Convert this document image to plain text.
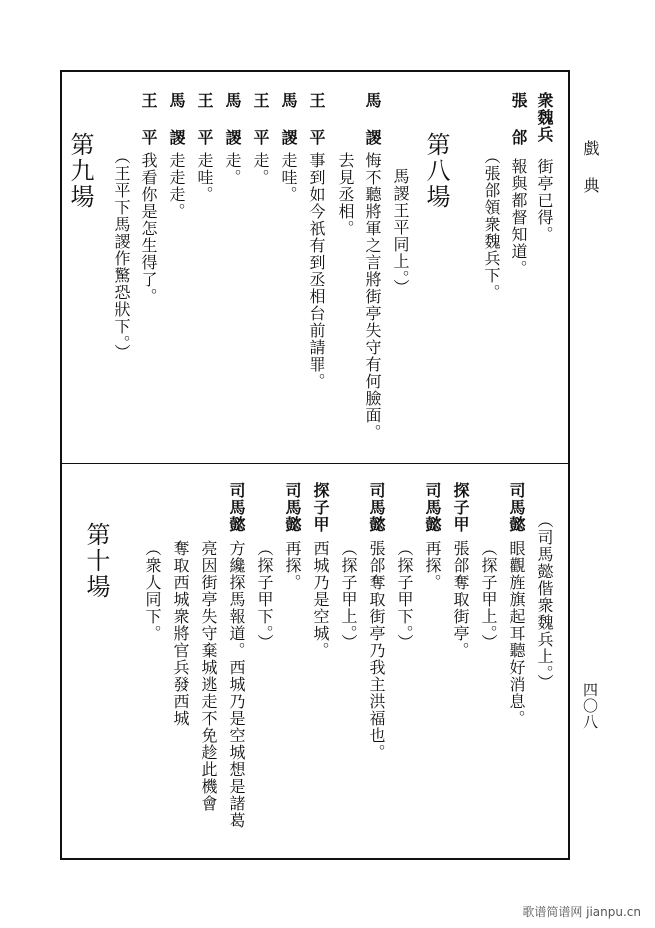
戲 典
四〇八
衆魏兵
街亭已得。
張 郃
報與都督知道。
（張郃領衆魏兵下。
第八場
馬謖王平同上。）
馬 謖
悔不聽將軍之言將街亭失守有何臉面。
去見丞相。
王 平
事到如今祇有到丞相台前請罪。
馬 謖
走哇。
王 平
走。
馬 謖
走。
王 平
走哇。
馬 謖
走走走。
王 平
我看你是怎生得了。
（王平下馬謖作驚恐狀下。）
第九場
（司馬懿偕衆魏兵上。）
司馬懿
眼觀旌旗起耳聽好消息。
（探子甲上。）
探子甲
張郃奪取街亭。
司馬懿
再探。
（探子甲下。）
司馬懿
張郃奪取街亭乃我主洪福也。
（探子甲上。）
探子甲
西城乃是空城。
司馬懿
再探。
（探子甲下。）
司馬懿
方纔探馬報道。西城乃是空城想是諸葛
亮因街亭失守棄城逃走不免趁此機會
奪取西城衆將官兵發西城
（衆人同下。
第十場
歌谱简谱网 jianpu.cn
